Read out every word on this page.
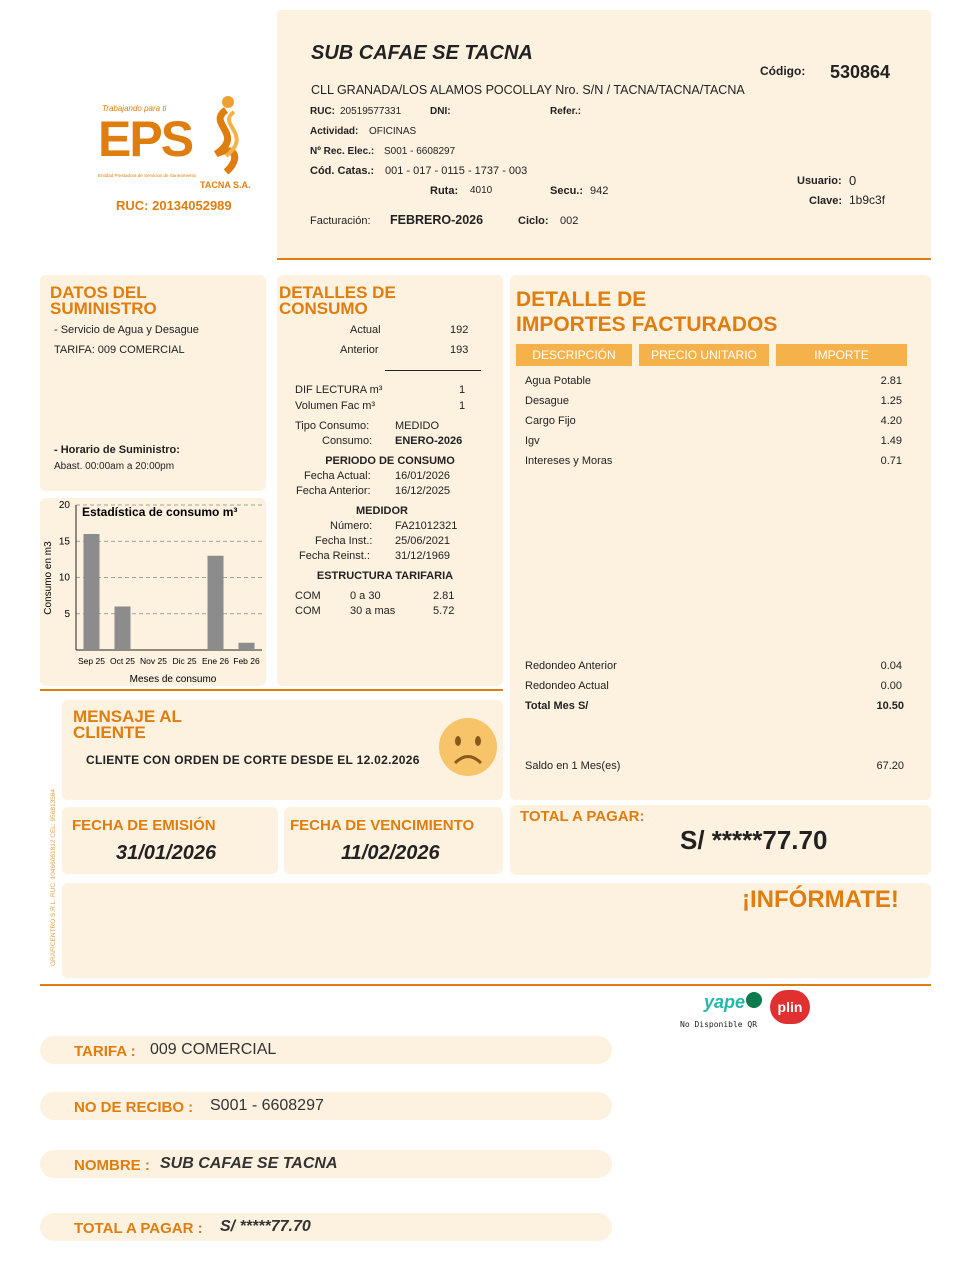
Trabajando para ti
EPS
Entidad Prestadora de Servicios de Saneamiento
TACNA S.A.
RUC: 20134052989
SUB CAFAE SE TACNA
Código: 530864
CLL GRANADA/LOS ALAMOS POCOLLAY Nro. S/N / TACNA/TACNA/TACNA
RUC: 20519577331	DNI:	Refer.:
Actividad: OFICINAS
Nº Rec. Elec.: S001 - 6608297
Cód. Catas.: 001 - 017 - 0115 - 1737 - 003
Ruta: 4010	Secu.: 942
Usuario: 0
Clave: 1b9c3f
Facturación: FEBRERO-2026	Ciclo: 002
DATOS DEL
SUMINISTRO
- Servicio de Agua y Desague
TARIFA: 009 COMERCIAL
- Horario de Suministro:
Abast. 00:00am a 20:00pm
5
10
15
20
Sep 25 Oct 25 Nov 25 Dic 25 Ene 26 Feb 26
Estadística de consumo m³
Meses de consumo
Consumo en m3
DETALLES DE
CONSUMO
Actual	192
Anterior	193
DIF LECTURA m³	1
Volumen Fac m³	1
Tipo Consumo: MEDIDO
Consumo: ENERO-2026
PERIODO DE CONSUMO
Fecha Actual: 16/01/2026
Fecha Anterior: 16/12/2025
MEDIDOR
Número: FA21012321
Fecha Inst.: 25/06/2021
Fecha Reinst.: 31/12/1969
ESTRUCTURA TARIFARIA
COM	0 a 30	2.81
COM	30 a mas	5.72
DETALLE DE
IMPORTES FACTURADOS
DESCRIPCIÓN	PRECIO UNITARIO	IMPORTE
Agua Potable	2.81
Desague	1.25
Cargo Fijo	4.20
Igv	1.49
Intereses y Moras	0.71
Redondeo Anterior	0.04
Redondeo Actual	0.00
Total Mes S/	10.50
Saldo en 1 Mes(es)	67.20
MENSAJE AL
CLIENTE
CLIENTE CON ORDEN DE CORTE DESDE EL 12.02.2026
FECHA DE EMISIÓN
31/01/2026
FECHA DE VENCIMIENTO
11/02/2026
TOTAL A PAGAR:
S/ *****77.70
¡INFÓRMATE!
GRAFICENTRO S.R.L. RUC. 10466061812 CEL: 956813564
yape	plin
No Disponible QR
TARIFA : 009 COMERCIAL
NO DE RECIBO : S001 - 6608297
NOMBRE : SUB CAFAE SE TACNA
TOTAL A PAGAR : S/ *****77.70
